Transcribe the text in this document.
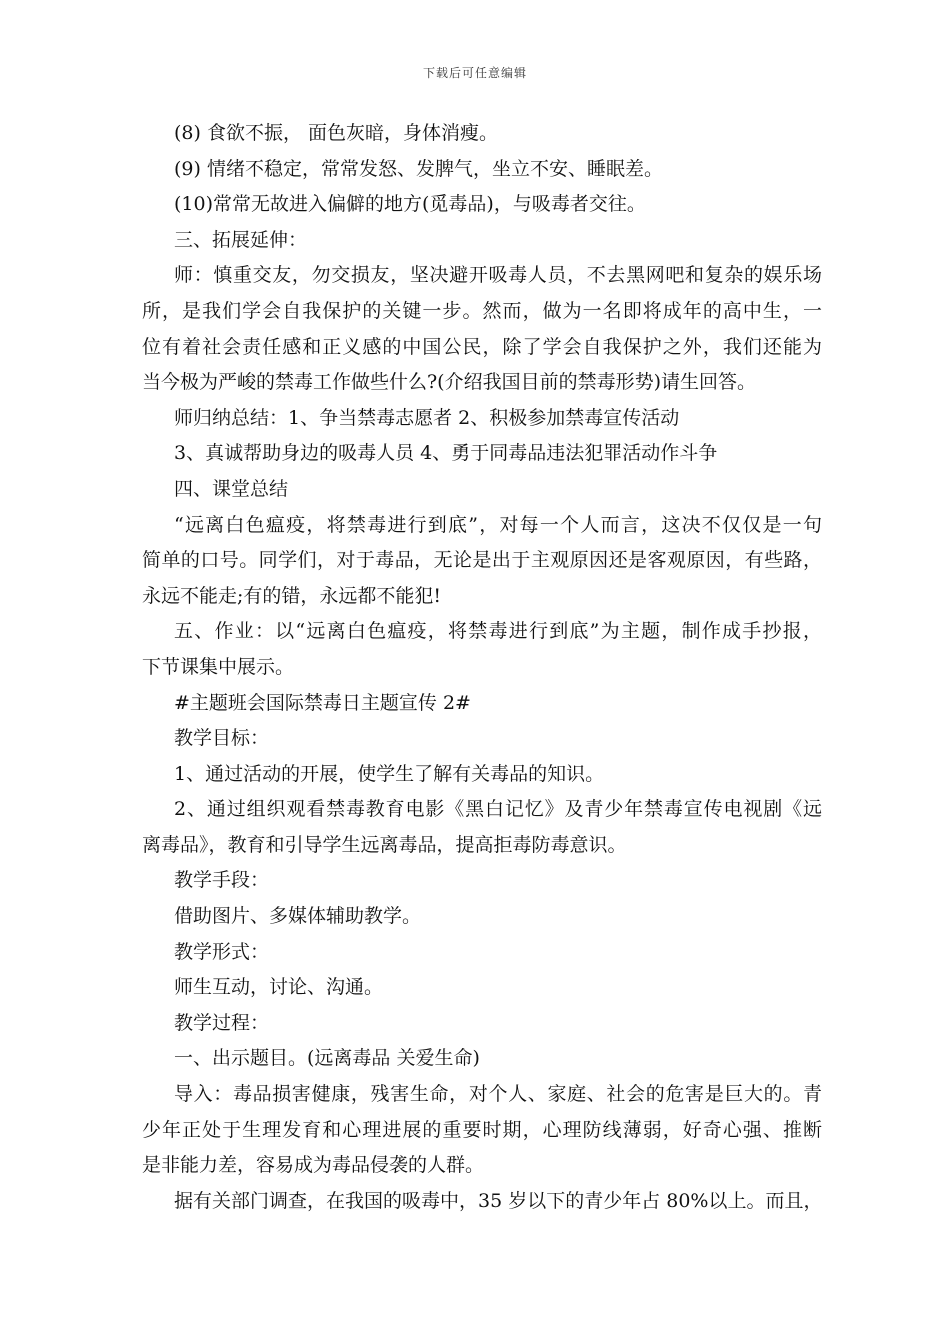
下载后可任意编辑
(8) 食欲不振， 面色灰暗，身体消瘦。
(9) 情绪不稳定，常常发怒、发脾气，坐立不安、睡眠差。
(10)常常无故进入偏僻的地方(觅毒品)，与吸毒者交往。
三、拓展延伸：
师：慎重交友，勿交损友，坚决避开吸毒人员，不去黑网吧和复杂的娱乐场
所，是我们学会自我保护的关键一步。然而，做为一名即将成年的高中生，一
位有着社会责任感和正义感的中国公民，除了学会自我保护之外，我们还能为
当今极为严峻的禁毒工作做些什么?(介绍我国目前的禁毒形势)请生回答。
师归纳总结：1、争当禁毒志愿者 2、积极参加禁毒宣传活动
3、真诚帮助身边的吸毒人员 4、勇于同毒品违法犯罪活动作斗争
四、课堂总结
“远离白色瘟疫，将禁毒进行到底”，对每一个人而言，这决不仅仅是一句
简单的口号。同学们，对于毒品，无论是出于主观原因还是客观原因，有些路，
永远不能走;有的错，永远都不能犯!
五、作业：以“远离白色瘟疫，将禁毒进行到底”为主题，制作成手抄报，
下节课集中展示。
#主题班会国际禁毒日主题宣传 2#
教学目标：
1、通过活动的开展，使学生了解有关毒品的知识。
2、通过组织观看禁毒教育电影《黑白记忆》及青少年禁毒宣传电视剧《远
离毒品》，教育和引导学生远离毒品，提高拒毒防毒意识。
教学手段：
借助图片、多媒体辅助教学。
教学形式：
师生互动，讨论、沟通。
教学过程：
一、出示题目。(远离毒品 关爱生命)
导入：毒品损害健康，残害生命，对个人、家庭、社会的危害是巨大的。青
少年正处于生理发育和心理进展的重要时期，心理防线薄弱，好奇心强、推断
是非能力差，容易成为毒品侵袭的人群。
据有关部门调查，在我国的吸毒中，35 岁以下的青少年占 80%以上。而且，
